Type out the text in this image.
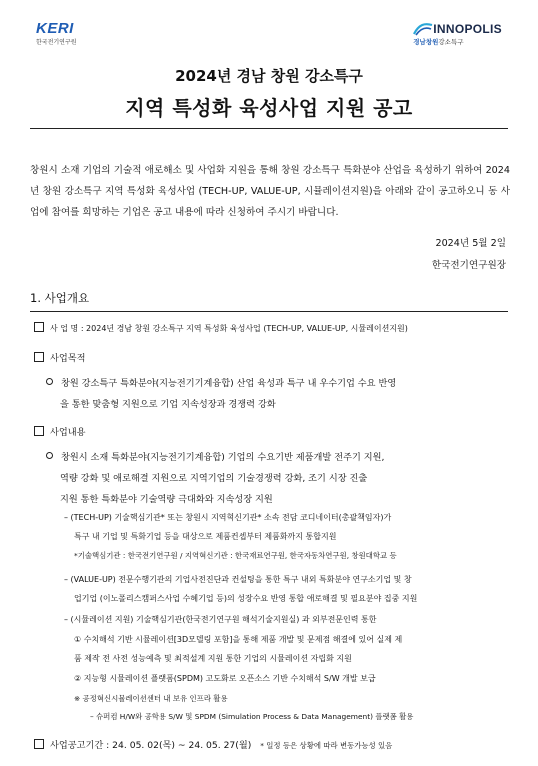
KERI
한국전기연구원
INNOPOLIS
경남창원강소특구
2024년 경남 창원 강소특구
지역 특성화 육성사업 지원 공고
창원시 소재 기업의 기술적 애로해소 및 사업화 지원을 통해 창원 강소특구 특화분야 산업을 육성하기 위하여 2024년 창원 강소특구 지역 특성화 육성사업 (TECH-UP, VALUE-UP, 시뮬레이션지원)을 아래와 같이 공고하오니 동 사업에 참여를 희망하는 기업은 공고 내용에 따라 신청하여 주시기 바랍니다.
2024년 5월 2일
한국전기연구원장
1. 사업개요
사 업 명 : 2024년 경남 창원 강소특구 지역 특성화 육성사업 (TECH-UP, VALUE-UP, 시뮬레이션지원)
사업목적
창원 강소특구 특화분야(지능전기기계융합) 산업 육성과 특구 내 우수기업 수요 반영
을 통한 맞춤형 지원으로 기업 지속성장과 경쟁력 강화
사업내용
창원시 소재 특화분야(지능전기기계융합) 기업의 수요기반 제품개발 전주기 지원,
역량 강화 및 애로해결 지원으로 지역기업의 기술경쟁력 강화, 조기 시장 진출
지원 통한 특화분야 기술역량 극대화와 지속성장 지원
– (TECH-UP) 기술핵심기관* 또는 창원시 지역혁신기관* 소속 전담 코디네이터(총괄책임자)가
특구 내 기업 및 특화기업 등을 대상으로 제품컨셉부터 제품화까지 통합지원
*기술핵심기관 : 한국전기연구원 / 지역혁신기관 : 한국재료연구원, 한국자동차연구원, 창원대학교 등
– (VALUE-UP) 전문수행기관의 기업사전진단과 컨설팅을 통한 특구 내외 특화분야 연구소기업 및 창
업기업 (이노폴리스캠퍼스사업 수혜기업 등)의 성장수요 반영 통합 애로해결 및 필요분야 집중 지원
– (시뮬레이션 지원) 기술핵심기관(한국전기연구원 해석기술지원실) 과 외부전문인력 통한
① 수치해석 기반 시뮬레이션[3D모델링 포함]을 통해 제품 개발 및 문제점 해결에 있어 실제 제
품 제작 전 사전 성능예측 및 최적설계 지원 통한 기업의 시뮬레이션 자립화 지원
② 지능형 시뮬레이션 플랫폼(SPDM) 고도화로 오픈소스 기반 수치해석 S/W 개발 보급
※ 공정혁신시뮬레이션센터 내 보유 인프라 활용
– 슈퍼컴 H/W와 공학용 S/W 및 SPDM (Simulation Process & Data Management) 플랫폼 활용
사업공고기간 : 24. 05. 02(목) ~ 24. 05. 27(월) * 일정 등은 상황에 따라 변동가능성 있음
